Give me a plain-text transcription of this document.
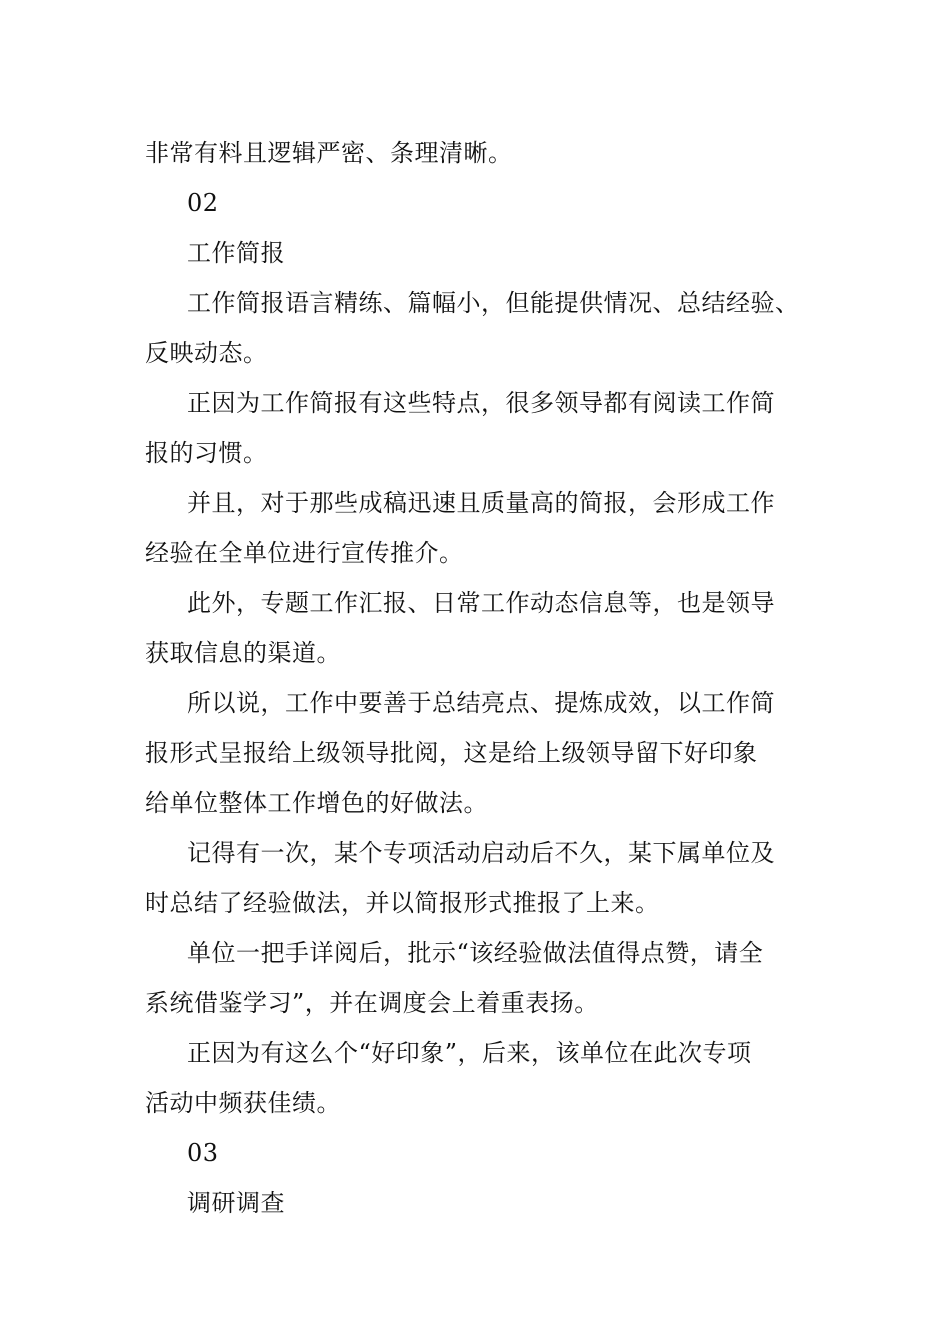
非常有料且逻辑严密、条理清晰。
02
工作简报
工作简报语言精练、篇幅小，但能提供情况、总结经验、
反映动态。
正因为工作简报有这些特点，很多领导都有阅读工作简
报的习惯。
并且，对于那些成稿迅速且质量高的简报，会形成工作
经验在全单位进行宣传推介。
此外，专题工作汇报、日常工作动态信息等，也是领导
获取信息的渠道。
所以说，工作中要善于总结亮点、提炼成效，以工作简
报形式呈报给上级领导批阅，这是给上级领导留下好印象
给单位整体工作增色的好做法。
记得有一次，某个专项活动启动后不久，某下属单位及
时总结了经验做法，并以简报形式推报了上来。
单位一把手详阅后，批示“该经验做法值得点赞，请全
系统借鉴学习”，并在调度会上着重表扬。
正因为有这么个“好印象”，后来，该单位在此次专项
活动中频获佳绩。
03
调研调查
